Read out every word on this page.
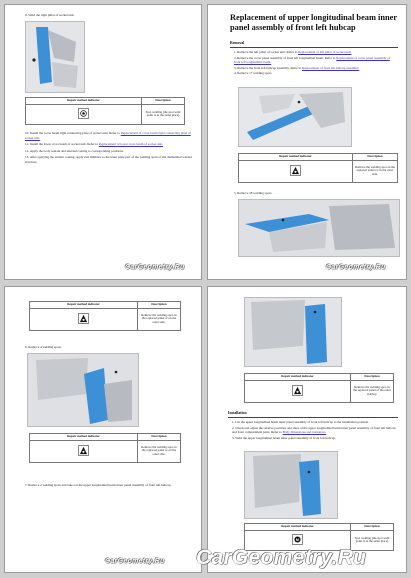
9. Weld the right pillar of socket unit.
Repair method indicator	Description
	Spot welding (the spot weld point is as the same place)
10. Install the cover beam right connecting plate of socket unit. Refer to Replacement of cover beam right connecting plate of socket unit.
11. Install the lower cross beam of socket unit. Refer to Replacement of lower cross beam of socket unit.
12. Apply the body sealant and internal coating to corresponding positions.
13. After applying the sealant coating, apply rust inhibitor to the inner plate part of the welding spots of the dismantled welded structure.
CarGeometry.Ru
Replacement of upper longitudinal beam inner panel assembly of front left hubcap
Removal
1. Remove the left pillar of socket unit. Refer to Replacement of left pillar of socket unit.
2. Remove the cover panel assembly of front left longitudinal beam. Refer to Replacement of cover panel assembly of front left longitudinal beam.
3. Remove the front left hubcap assembly. Refer to Replacement of front left hubcap assembly.
4. Remove 17 welding spots.
Repair method indicator	Description
	Remove the welding spot on the replaced panel or on the outer side.
5. Remove 28 welding spots.
CarGeometry.Ru
Repair method indicator	Description
	Remove the welding spot on the replaced panel or on the outer side.
6. Remove 4 welding spots.
Repair method indicator	Description
	Remove the welding spot on the replaced panel or on the outer side.
7. Remove 2 welding spots and take out the upper longitudinal beam inner panel assembly of front left hubcap.
CarGeometry.Ru
Repair method indicator	Description
	Remove the welding spot on the replaced panel or the outer sideboy.
Installation
1. Cut the upper longitudinal beam inner panel assembly of front left hubcap to the installation position.
2. Check and adjust the relative positions and sizes of the upper longitudinal beam inner panel assembly of front left hubcap and front compartment parts. Refer to Body dimensions and tolerances.
3. Weld the upper longitudinal beam inner panel assembly of front left hubcap.
Repair method indicator	Description

M	Spot welding (the spot weld point is as the same place)
CarGeometry.Ru
